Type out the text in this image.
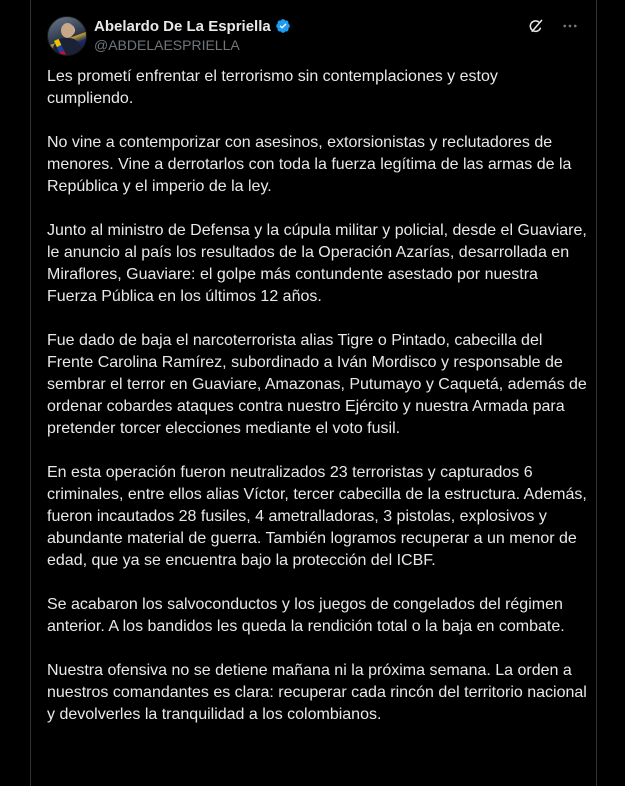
Abelardo De La Espriella
@ABDELAESPRIELLA

Les prometí enfrentar el terrorismo sin contemplaciones y estoy cumpliendo.

No vine a contemporizar con asesinos, extorsionistas y reclutadores de menores. Vine a derrotarlos con toda la fuerza legítima de las armas de la República y el imperio de la ley.

Junto al ministro de Defensa y la cúpula militar y policial, desde el Guaviare, le anuncio al país los resultados de la Operación Azarías, desarrollada en Miraflores, Guaviare: el golpe más contundente asestado por nuestra Fuerza Pública en los últimos 12 años.

Fue dado de baja el narcoterrorista alias Tigre o Pintado, cabecilla del Frente Carolina Ramírez, subordinado a Iván Mordisco y responsable de sembrar el terror en Guaviare, Amazonas, Putumayo y Caquetá, además de ordenar cobardes ataques contra nuestro Ejército y nuestra Armada para pretender torcer elecciones mediante el voto fusil.

En esta operación fueron neutralizados 23 terroristas y capturados 6 criminales, entre ellos alias Víctor, tercer cabecilla de la estructura. Además, fueron incautados 28 fusiles, 4 ametralladoras, 3 pistolas, explosivos y abundante material de guerra. También logramos recuperar a un menor de edad, que ya se encuentra bajo la protección del ICBF.

Se acabaron los salvoconductos y los juegos de congelados del régimen anterior. A los bandidos les queda la rendición total o la baja en combate.

Nuestra ofensiva no se detiene mañana ni la próxima semana. La orden a nuestros comandantes es clara: recuperar cada rincón del territorio nacional y devolverles la tranquilidad a los colombianos.
